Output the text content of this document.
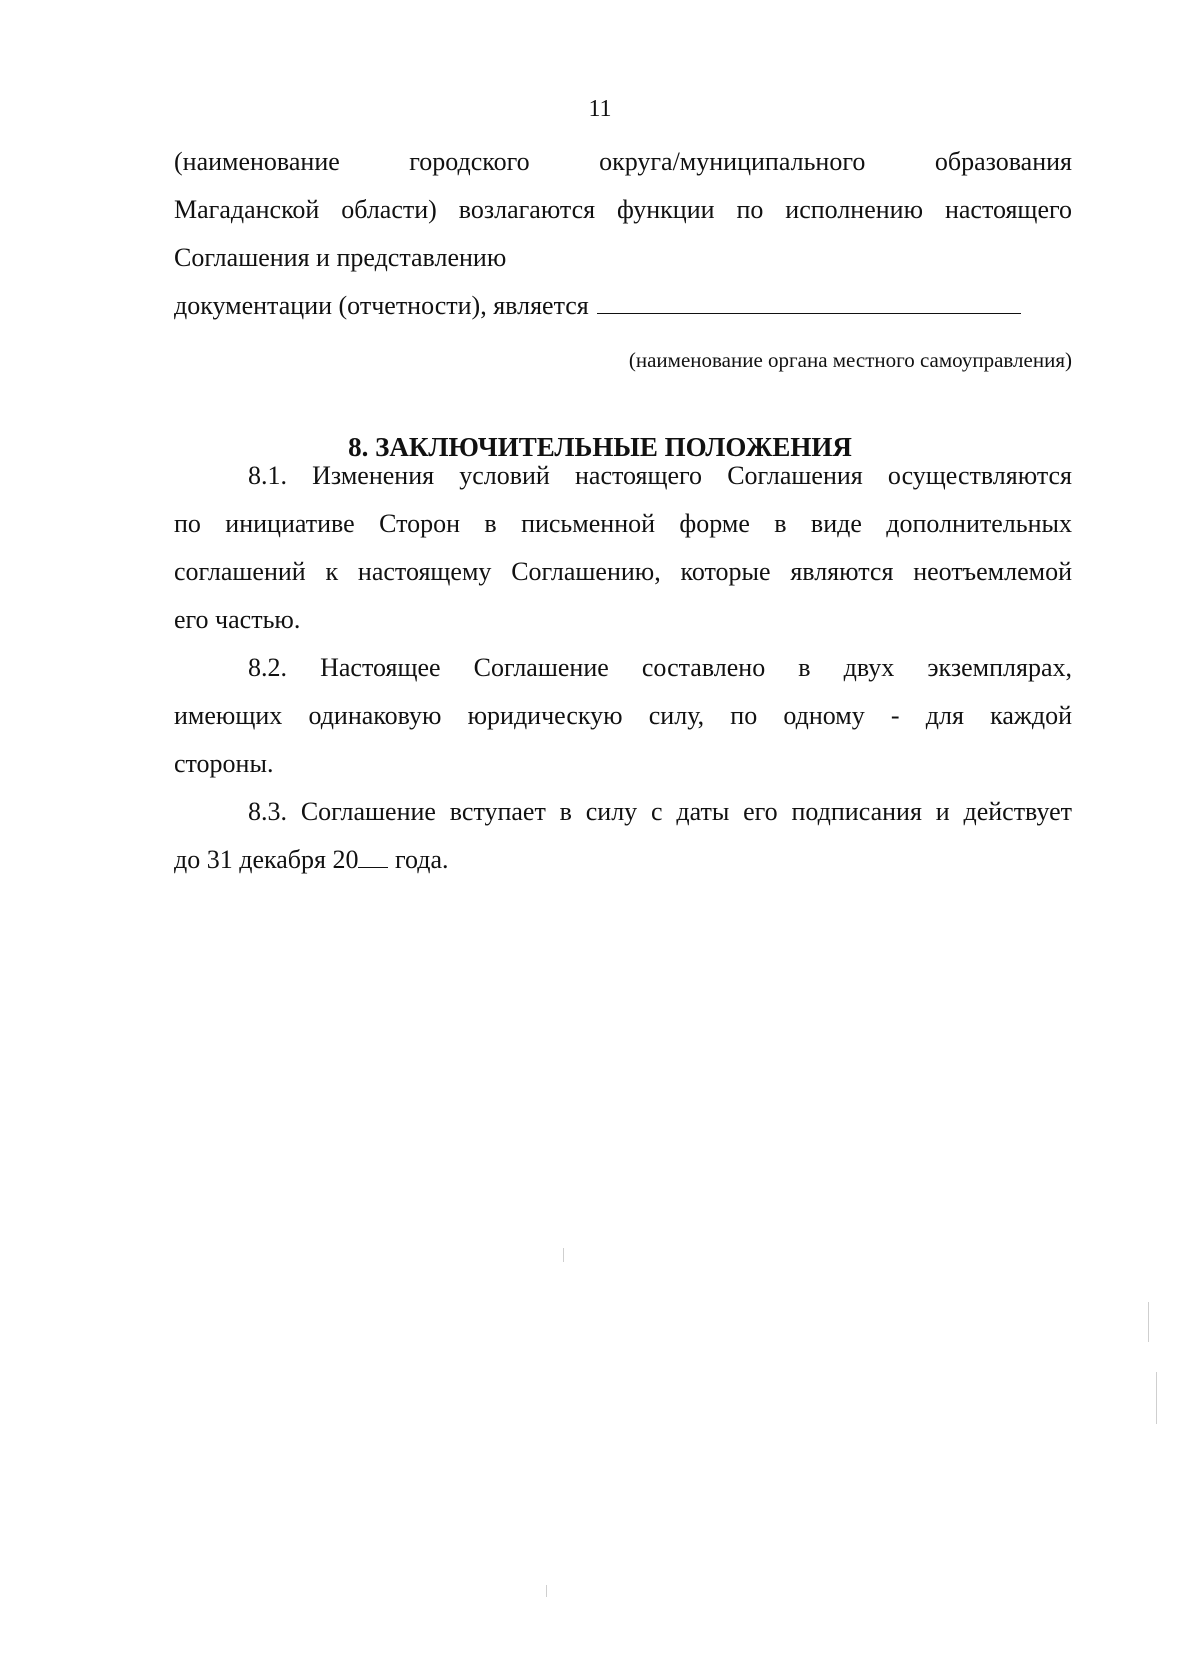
11
(наименование	городского	округа/муниципального	образования
Магаданской области) возлагаются функции по исполнению настоящего
Соглашения и представлению
документации (отчетности), является
(наименование органа местного самоуправления)
8. ЗАКЛЮЧИТЕЛЬНЫЕ ПОЛОЖЕНИЯ
8.1. Изменения условий настоящего Соглашения осуществляются
по инициативе Сторон в письменной форме в виде дополнительных
соглашений к настоящему Соглашению, которые являются неотъемлемой
его частью.
8.2. Настоящее Соглашение составлено в двух экземплярах,
имеющих одинаковую юридическую силу, по одному - для каждой
стороны.
8.3. Соглашение вступает в силу с даты его подписания и действует
до 31 декабря 20 года.
